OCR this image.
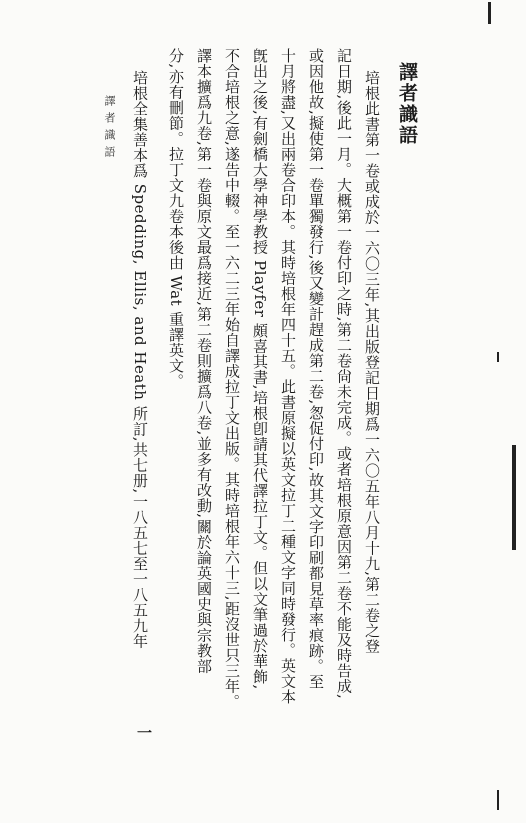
譯者識語	譯者識語
培根此書第一卷或成於一六〇三年,其出版登記日期爲一六〇五年八月十九,第二卷之登
記日期,後此一月。大概第一卷付印之時,第二卷尙未完成。或者培根原意因第二卷不能及時告成,
或因他故,擬使第一卷單獨發行,後又變計趕成第二卷,怱促付印,故其文字印刷都見草率痕跡。至
十月將盡,又出兩卷合印本。其時培根年四十五。此書原擬以英文拉丁二種文字同時發行。英文本
旣出之後,有劍橋大學神學教授 Playfer 頗喜其書,培根卽請其代譯拉丁文。但以文筆過於華飾,
不合培根之意,遂告中輟。至一六二三年始自譯成拉丁文出版。其時培根年六十三,距沒世只三年。
譯本擴爲九卷,第一卷與原文最爲接近,第二卷則擴爲八卷,並多有改動,關於論英國史與宗教部
分,亦有刪節。拉丁文九卷本後由 Wat 重譯英文。
培根全集善本爲 Spedding, Ellis, and Heath 所訂,共七册,一八五七至一八五九年
一
